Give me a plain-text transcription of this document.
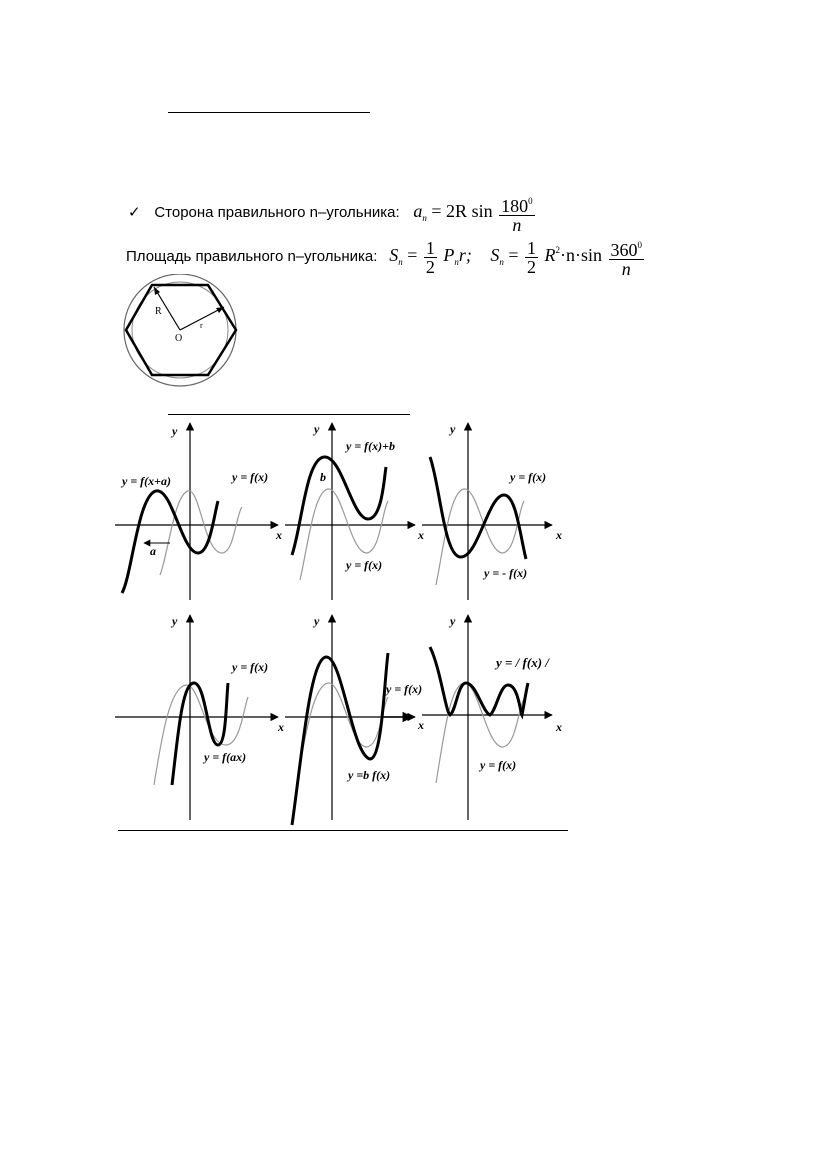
✓ Сторона правильного n–угольника: $a_n = 2R$ $\sin \frac{180^0}{n}$
Площадь правильного n–угольника: $S_n = \frac{1}{2} P_nr$; $S_n = \frac{1}{2} R^2\cdot n\cdot\sin \frac{360^0}{n}$
R
O
r
y = f(x+a)	y = f(x)
a
x
y
y = f(x)+b
y = f(x)
b
x
y
y = f(x)
y = - f(x)
x
y
y = f(x)
y = f(ax)
x
y
y = f(x)
y =b f(x)
x
y
y = / f(x) /
y = f(x)
x
y
